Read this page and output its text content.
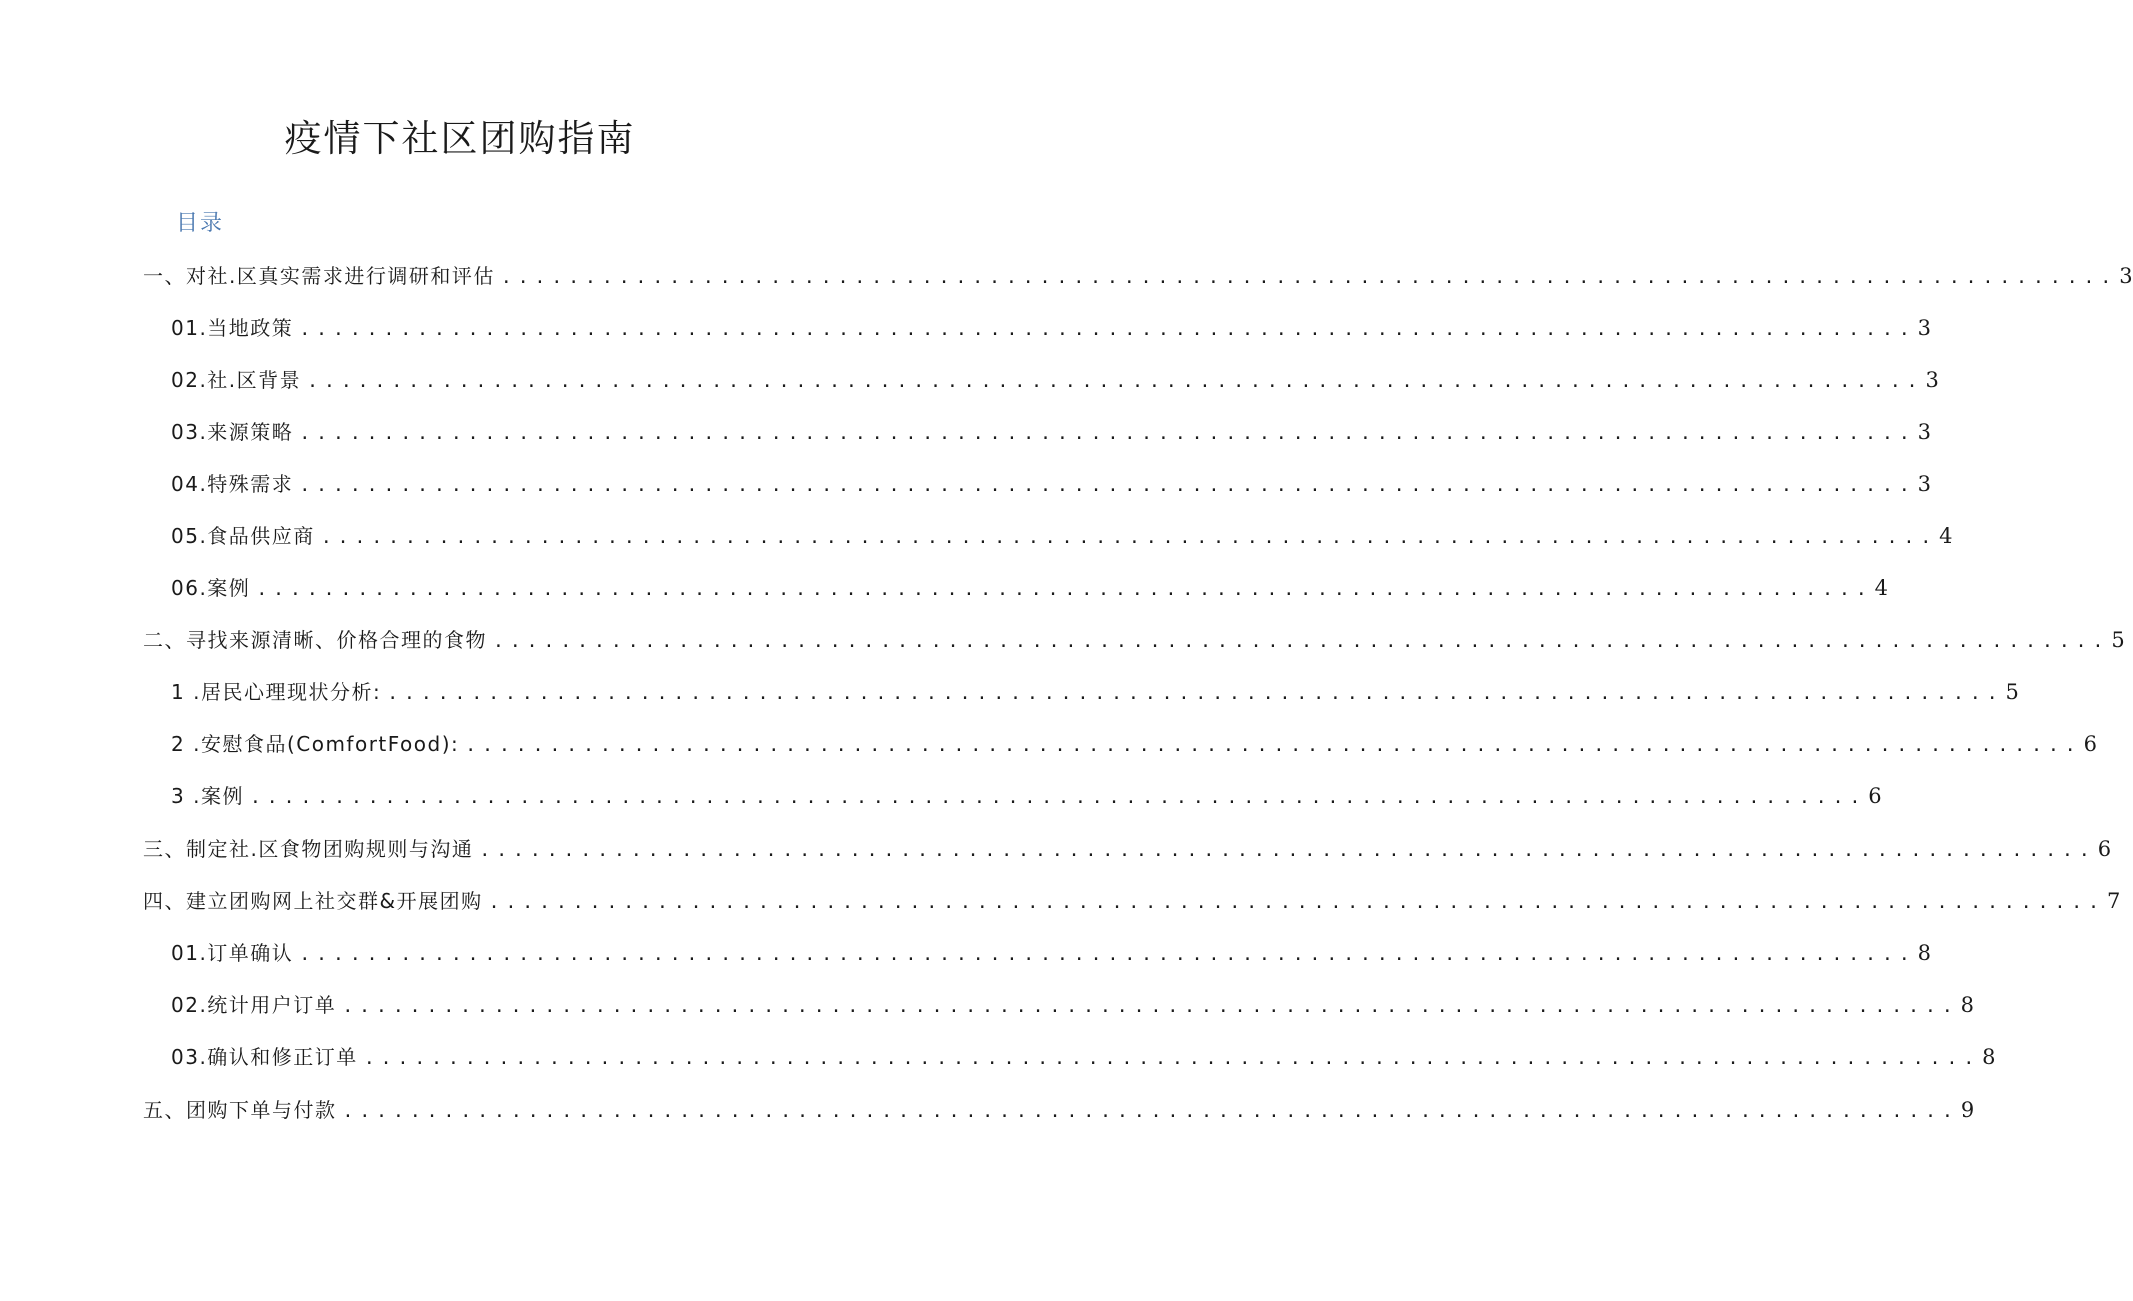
疫情下社区团购指南
目录
一、对社.区真实需求进行调研和评估 ................................................................................................ 3
01.当地政策 ................................................................................................ 3
02.社.区背景 ................................................................................................ 3
03.来源策略 ................................................................................................ 3
04.特殊需求 ................................................................................................ 3
05.食品供应商 ................................................................................................ 4
06.案例 ................................................................................................ 4
二、寻找来源清晰、价格合理的食物 ................................................................................................ 5
1 .居民心理现状分析: ................................................................................................ 5
2 .安慰食品(ComfortFood): ................................................................................................ 6
3 .案例 ................................................................................................ 6
三、制定社.区食物团购规则与沟通 ................................................................................................ 6
四、建立团购网上社交群&开展团购 ................................................................................................ 7
01.订单确认 ................................................................................................ 8
02.统计用户订单 ................................................................................................ 8
03.确认和修正订单 ................................................................................................ 8
五、团购下单与付款 ................................................................................................ 9
